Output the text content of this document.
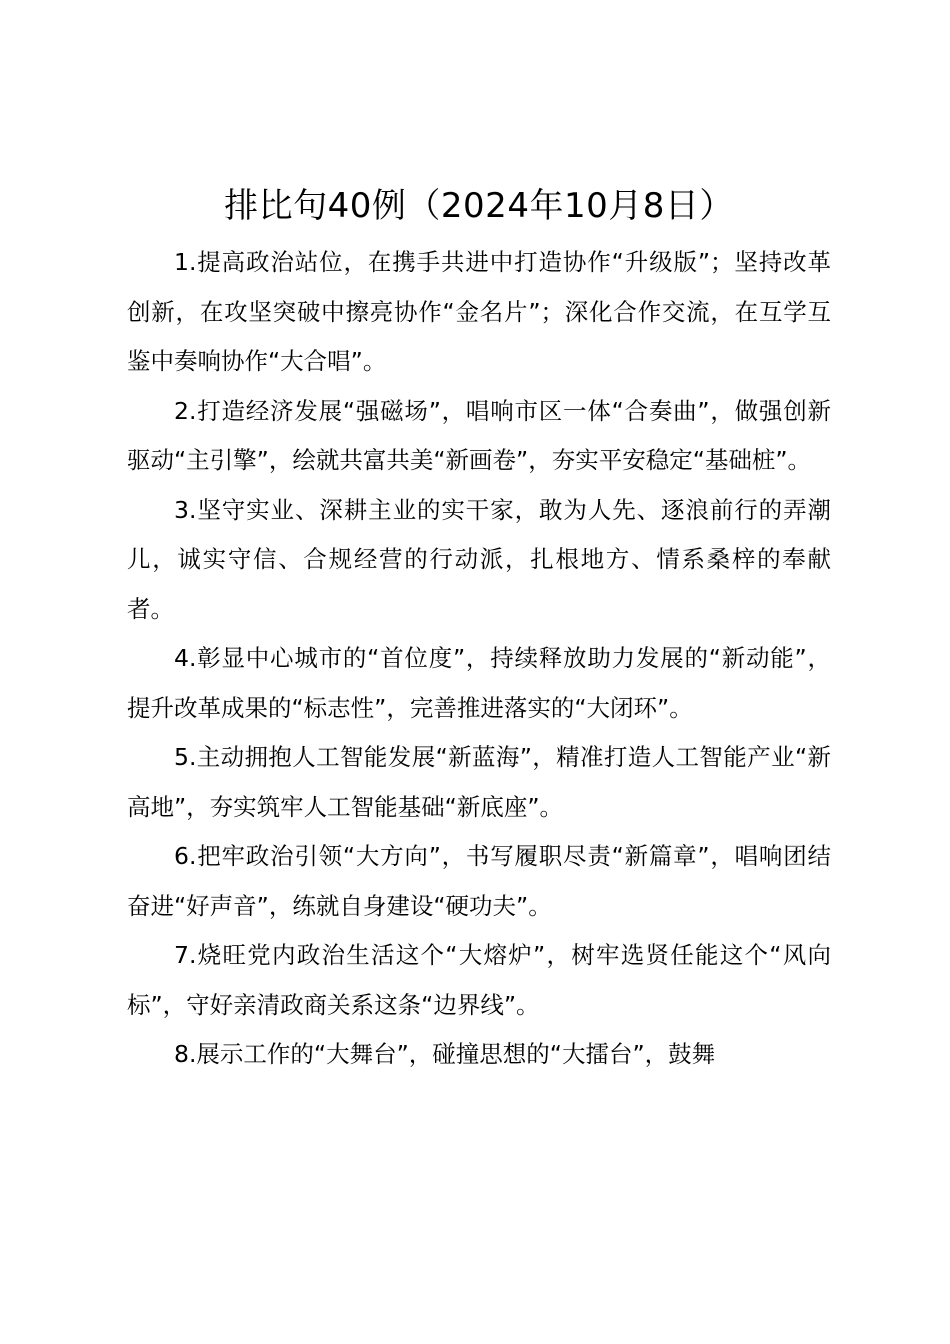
排比句40例（2024年10月8日）

1.提高政治站位，在携手共进中打造协作“升级版”；坚持改革创新，在攻坚突破中擦亮协作“金名片”；深化合作交流，在互学互鉴中奏响协作“大合唱”。

2.打造经济发展“强磁场”，唱响市区一体“合奏曲”，做强创新驱动“主引擎”，绘就共富共美“新画卷”，夯实平安稳定“基础桩”。

3.坚守实业、深耕主业的实干家，敢为人先、逐浪前行的弄潮儿，诚实守信、合规经营的行动派，扎根地方、情系桑梓的奉献者。

4.彰显中心城市的“首位度”，持续释放助力发展的“新动能”，提升改革成果的“标志性”，完善推进落实的“大闭环”。

5.主动拥抱人工智能发展“新蓝海”，精准打造人工智能产业“新高地”，夯实筑牢人工智能基础“新底座”。

6.把牢政治引领“大方向”，书写履职尽责“新篇章”，唱响团结奋进“好声音”，练就自身建设“硬功夫”。

7.烧旺党内政治生活这个“大熔炉”，树牢选贤任能这个“风向标”，守好亲清政商关系这条“边界线”。

8.展示工作的“大舞台”，碰撞思想的“大擂台”，鼓舞
